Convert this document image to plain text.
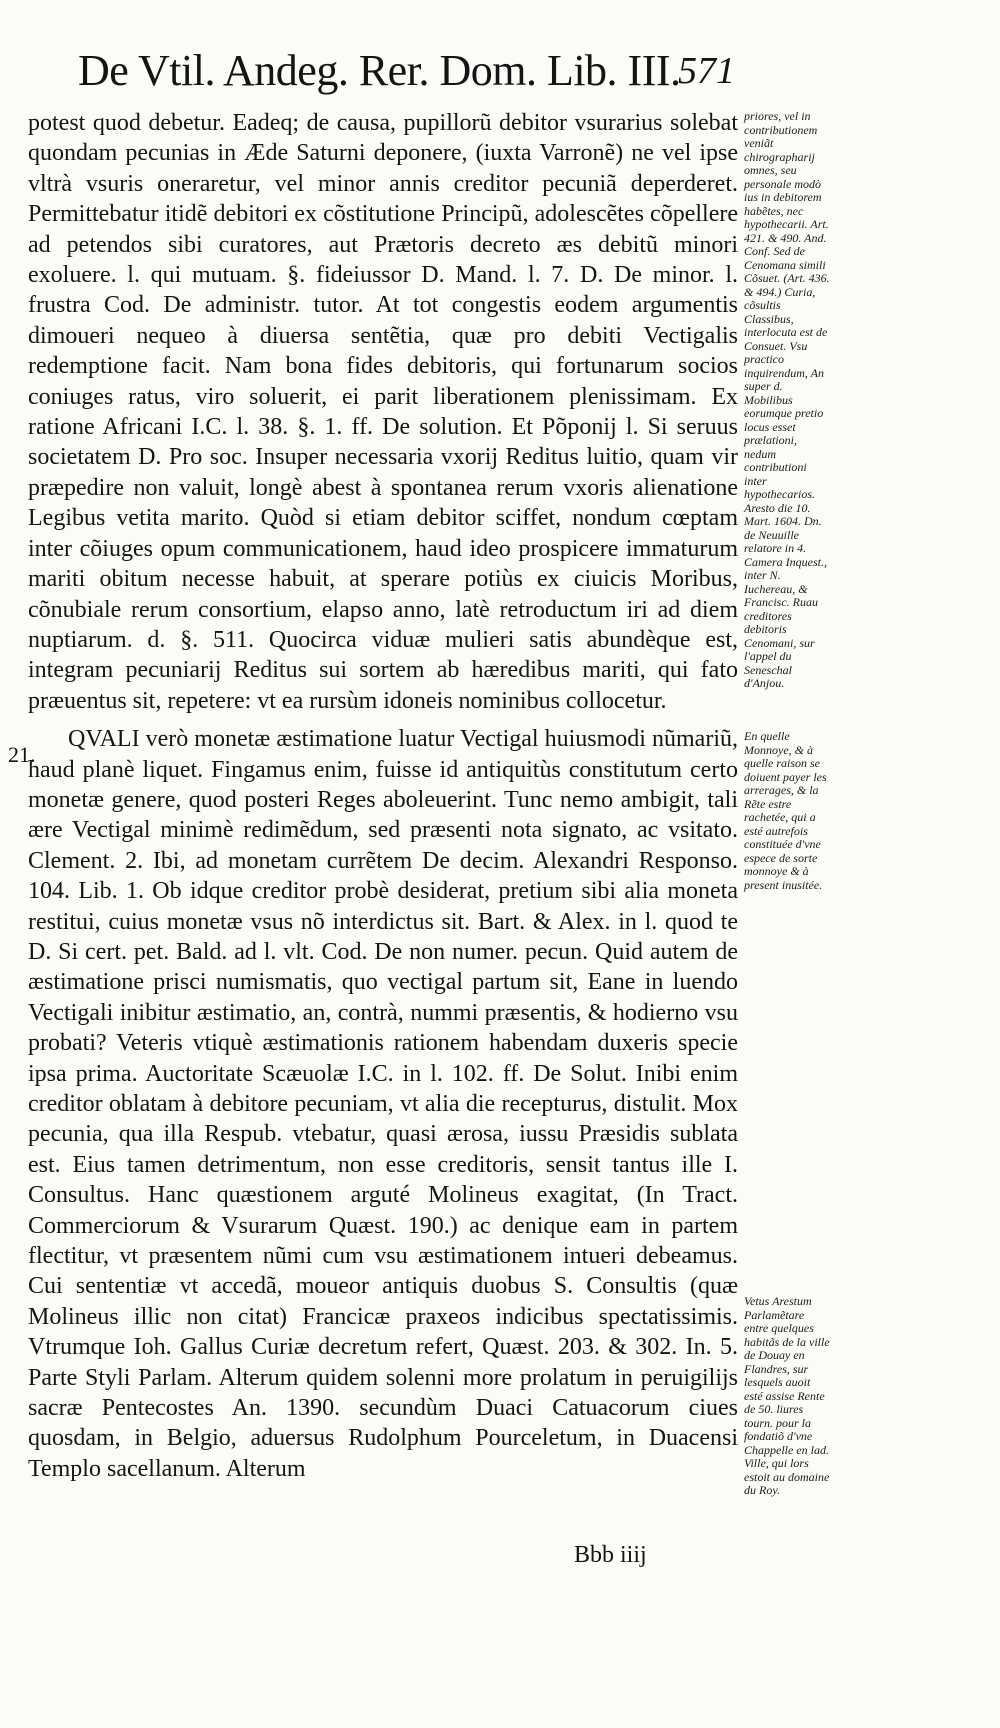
De Vtil. Andeg. Rer. Dom. Lib. III.
571

potest quod debetur. Eadeq; de causa, pupillorũ debitor vsurarius solebat quondam pecunias in Æde Saturni deponere, (iuxta Varronẽ) ne vel ipse vltrà vsuris oneraretur, vel minor annis creditor pecuniã deperderet. Permittebatur itidẽ debitori ex cõstitutione Principũ, adolescẽtes cõpellere ad petendos sibi curatores, aut Prætoris decreto æs debitũ minori exoluere. l. qui mutuam. §. fideiussor D. Mand. l. 7. D. De minor. l. frustra Cod. De administr. tutor. At tot congestis eodem argumentis dimoueri nequeo à diuersa sentẽtia, quæ pro debiti Vectigalis redemptione facit. Nam bona fides debitoris, qui fortunarum socios coniuges ratus, viro soluerit, ei parit liberationem plenissimam. Ex ratione Africani I.C. l. 38. §. 1. ff. De solution. Et Põponij l. Si seruus societatem D. Pro soc. Insuper necessaria vxorij Reditus luitio, quam vir præpedire non valuit, longè abest à spontanea rerum vxoris alienatione Legibus vetita marito. Quòd si etiam debitor sciffet, nondum cœptam inter cõiuges opum communicationem, haud ideo prospicere immaturum mariti obitum necesse habuit, at sperare potiùs ex ciuicis Moribus, cõnubiale rerum consortium, elapso anno, latè retroductum iri ad diem nuptiarum. d. §. 511. Quocirca viduæ mulieri satis abundèque est, integram pecuniarij Reditus sui sortem ab hæredibus mariti, qui fato præuentus sit, repetere: vt ea rursùm idoneis nominibus collocetur.

QVALI verò monetæ æstimatione luatur Vectigal huiusmodi nũmariũ, haud planè liquet. Fingamus enim, fuisse id antiquitùs constitutum certo monetæ genere, quod posteri Reges aboleuerint. Tunc nemo ambigit, tali ære Vectigal minimè redimẽdum, sed præsenti nota signato, ac vsitato. Clement. 2. Ibi, ad monetam currẽtem De decim. Alexandri Responso. 104. Lib. 1. Ob idque creditor probè desiderat, pretium sibi alia moneta restitui, cuius monetæ vsus nõ interdictus sit. Bart. & Alex. in l. quod te D. Si cert. pet. Bald. ad l. vlt. Cod. De non numer. pecun. Quid autem de æstimatione prisci numismatis, quo vectigal partum sit, Eane in luendo Vectigali inibitur æstimatio, an, contrà, nummi præsentis, & hodierno vsu probati? Veteris vtiquè æstimationis rationem habendam duxeris specie ipsa prima. Auctoritate Scæuolæ I.C. in l. 102. ff. De Solut. Inibi enim creditor oblatam à debitore pecuniam, vt alia die recepturus, distulit. Mox pecunia, qua illa Respub. vtebatur, quasi ærosa, iussu Præsidis sublata est. Eius tamen detrimentum, non esse creditoris, sensit tantus ille I. Consultus. Hanc quæstionem arguté Molineus exagitat, (In Tract. Commerciorum & Vsurarum Quæst. 190.) ac denique eam in partem flectitur, vt præsentem nũmi cum vsu æstimationem intueri debeamus. Cui sententiæ vt accedã, moueor antiquis duobus S. Consultis (quæ Molineus illic non citat) Francicæ praxeos indicibus spectatissimis. Vtrumque Ioh. Gallus Curiæ decretum refert, Quæst. 203. & 302. In. 5. Parte Styli Parlam. Alterum quidem solenni more prolatum in peruigilijs sacræ Pentecostes An. 1390. secundùm Duaci Catuacorum ciues quosdam, in Belgio, aduersus Rudolphum Pourceletum, in Duacensi Templo sacellanum. Alterum

21.
priores, vel in contributionem veniãt chirographarij omnes, seu personale modò ius in debitorem habẽtes, nec hypothecarii. Art. 421. & 490. And. Conf. Sed de Cenomana simili Cõsuet. (Art. 436. & 494.) Curia, cõsultis Classibus, interlocuta est de Consuet. Vsu practico inquirendum, An super d. Mobilibus eorumque pretio locus esset prælationi, nedum contributioni inter hypothecarios. Aresto die 10. Mart. 1604. Dn. de Neuuille relatore in 4. Camera Inquest., inter N. Iuchereau, & Francisc. Ruau creditores debitoris Cenomani, sur l'appel du Seneschal d'Anjou.
En quelle Monnoye, & à quelle raison se doiuent payer les arrerages, & la Rẽte estre rachetée, qui a esté autrefois constituée d'vne espece de sorte monnoye & à present inusitée.
Vetus Arestum Parlamẽtare entre quelques habitãs de la ville de Douay en Flandres, sur lesquels auoit esté assise Rente de 50. liures tourn. pour la fondatiõ d'vne Chappelle en lad. Ville, qui lors estoit au domaine du Roy.
Bbb iiij
